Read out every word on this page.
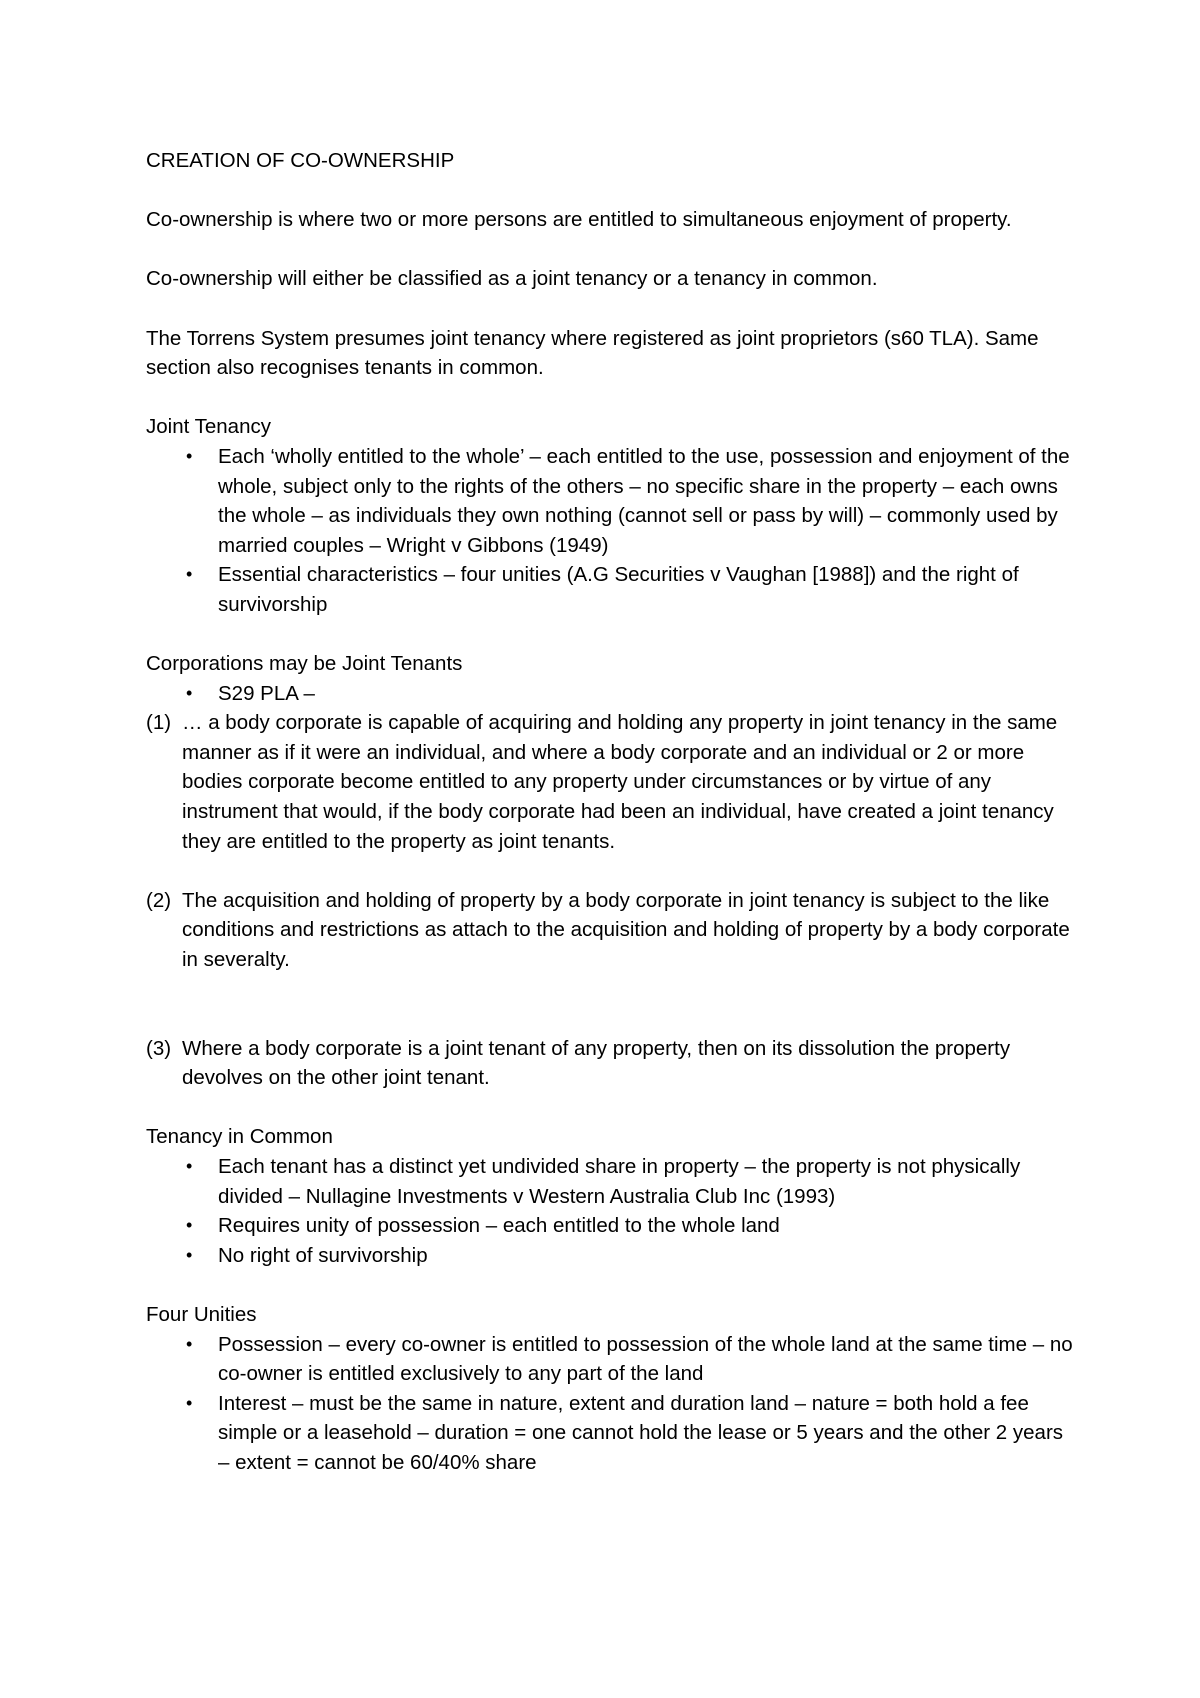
CREATION OF CO-OWNERSHIP

Co-ownership is where two or more persons are entitled to simultaneous enjoyment of property.

Co-ownership will either be classified as a joint tenancy or a tenancy in common.

The Torrens System presumes joint tenancy where registered as joint proprietors (s60 TLA). Same section also recognises tenants in common.

Joint Tenancy

• Each ‘wholly entitled to the whole’ – each entitled to the use, possession and enjoyment of the whole, subject only to the rights of the others – no specific share in the property – each owns the whole – as individuals they own nothing (cannot sell or pass by will) – commonly used by married couples – Wright v Gibbons (1949)
• Essential characteristics – four unities (A.G Securities v Vaughan [1988]) and the right of survivorship

Corporations may be Joint Tenants

• S29 PLA –
(1) … a body corporate is capable of acquiring and holding any property in joint tenancy in the same manner as if it were an individual, and where a body corporate and an individual or 2 or more bodies corporate become entitled to any property under circumstances or by virtue of any instrument that would, if the body corporate had been an individual, have created a joint tenancy they are entitled to the property as joint tenants.
(2) The acquisition and holding of property by a body corporate in joint tenancy is subject to the like conditions and restrictions as attach to the acquisition and holding of property by a body corporate in severalty.
(3) Where a body corporate is a joint tenant of any property, then on its dissolution the property devolves on the other joint tenant.

Tenancy in Common

• Each tenant has a distinct yet undivided share in property – the property is not physically divided – Nullagine Investments v Western Australia Club Inc (1993)
• Requires unity of possession – each entitled to the whole land
• No right of survivorship

Four Unities

• Possession – every co-owner is entitled to possession of the whole land at the same time – no co-owner is entitled exclusively to any part of the land
• Interest – must be the same in nature, extent and duration land – nature = both hold a fee simple or a leasehold – duration = one cannot hold the lease or 5 years and the other 2 years – extent = cannot be 60/40% share
